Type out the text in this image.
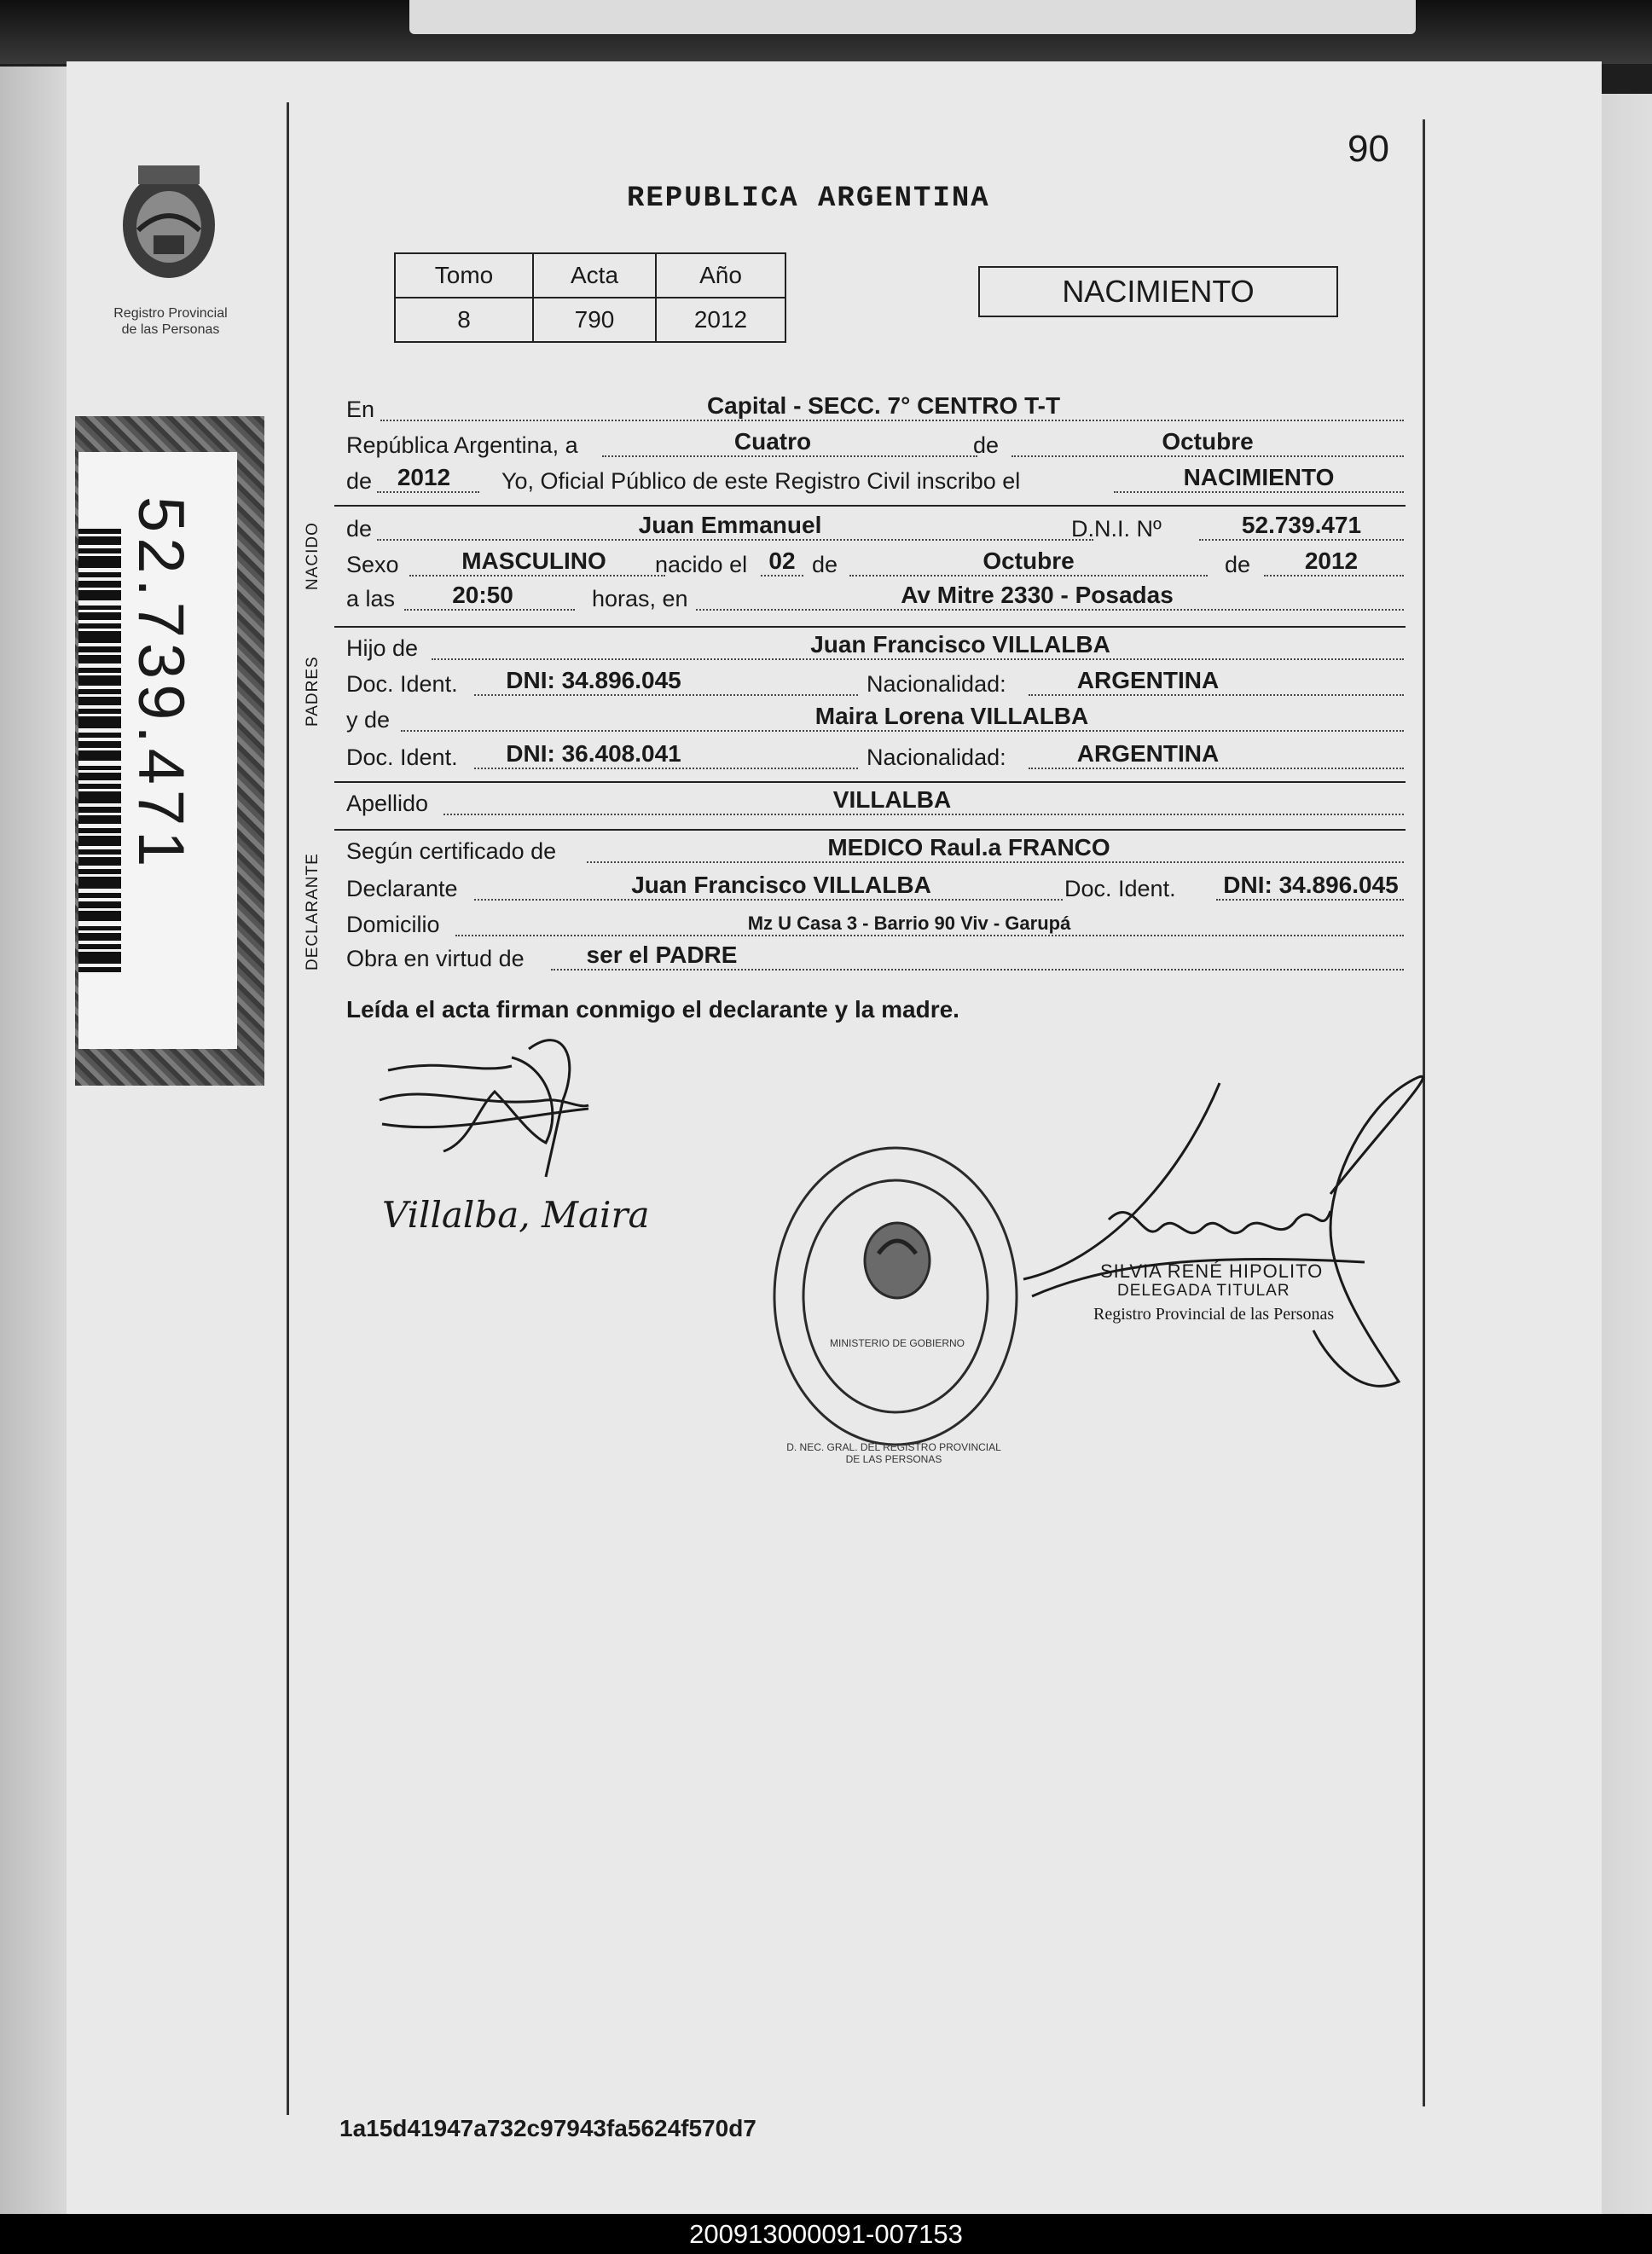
Registro Provincial
de las Personas
52.739.471
90
REPUBLICA ARGENTINA
Tomo	Acta	Año
8	790	2012
NACIMIENTO
En	Capital - SECC. 7° CENTRO T-T
República Argentina, a	Cuatro	de	Octubre
de	2012	Yo, Oficial Público de este Registro Civil inscribo el	NACIMIENTO
NACIDO de	Juan Emmanuel	D.N.I. Nº	52.739.471
Sexo	MASCULINO	nacido el 02 de	Octubre	de	2012
a las	20:50	horas, en	Av Mitre 2330 - Posadas
PADRES
Hijo de	Juan Francisco VILLALBA
Doc. Ident.	DNI: 34.896.045	Nacionalidad:	ARGENTINA
y de	Maira Lorena VILLALBA
Doc. Ident.	DNI: 36.408.041	Nacionalidad:	ARGENTINA
Apellido	VILLALBA
DECLARANTE
Según certificado de	MEDICO Raul.a FRANCO
Declarante	Juan Francisco VILLALBA	Doc. Ident. DNI: 34.896.045
Domicilio	Mz U Casa 3 - Barrio 90 Viv - Garupá
Obra en virtud de	ser el PADRE
Leída el acta firman conmigo el declarante y la madre.
Villalba, Maira
MINISTERIO DE GOBIERNO
D. NEC. GRAL. DEL REGISTRO PROVINCIAL DE LAS PERSONAS
SILVIA RENÉ HIPOLITO
DELEGADA TITULAR
Registro Provincial de las Personas
1a15d41947a732c97943fa5624f570d7
200913000091-007153
